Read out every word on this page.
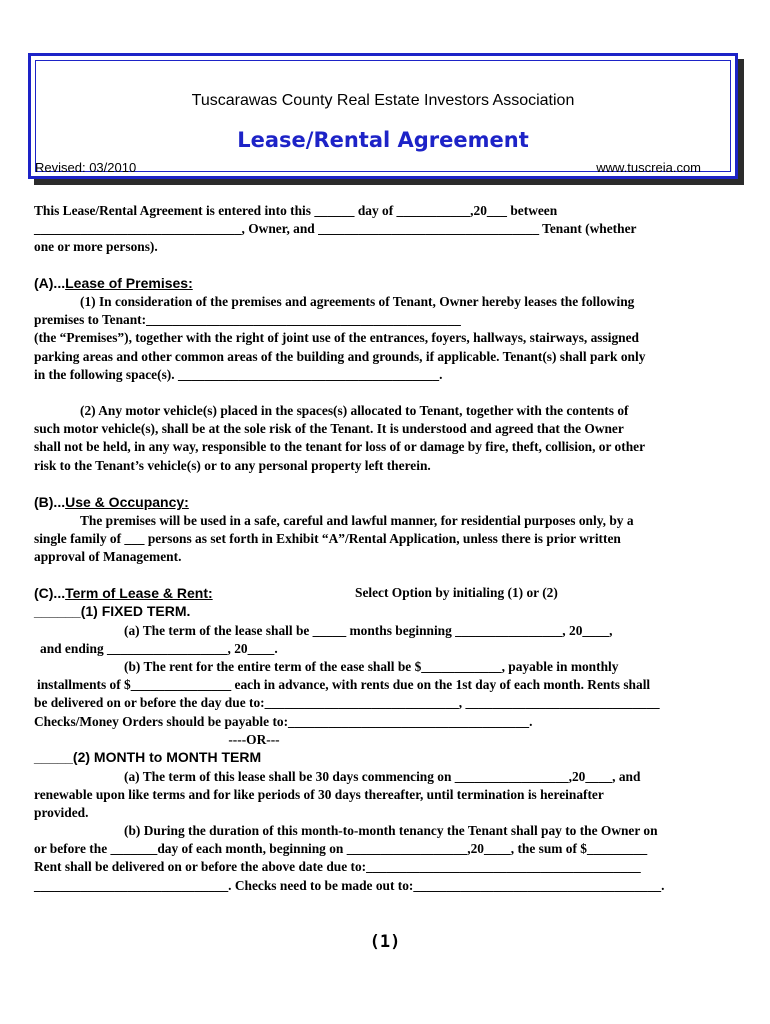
Tuscarawas County Real Estate Investors Association
Lease/Rental Agreement
Revised: 03/2010	www.tuscreia.com
This Lease/Rental Agreement is entered into this ______ day of ___________,20___ between
_______________________________, Owner, and _________________________________ Tenant (whether
one or more persons).
(A)...Lease of Premises:
(1) In consideration of the premises and agreements of Tenant, Owner hereby leases the following
premises to Tenant:_______________________________________________
(the “Premises”), together with the right of joint use of the entrances, foyers, hallways, stairways, assigned
parking areas and other common areas of the building and grounds, if applicable. Tenant(s) shall park only
in the following space(s). _______________________________________.
(2) Any motor vehicle(s) placed in the spaces(s) allocated to Tenant, together with the contents of
such motor vehicle(s), shall be at the sole risk of the Tenant. It is understood and agreed that the Owner
shall not be held, in any way, responsible to the tenant for loss of or damage by fire, theft, collision, or other
risk to the Tenant’s vehicle(s) or to any personal property left therein.
(B)...Use & Occupancy:
The premises will be used in a safe, careful and lawful manner, for residential purposes only, by a
single family of ___ persons as set forth in Exhibit “A”/Rental Application, unless there is prior written
approval of Management.
(C)...Term of Lease & Rent:	Select Option by initialing (1) or (2)
______(1) FIXED TERM.
(a) The term of the lease shall be _____ months beginning ________________, 20____,
and ending __________________, 20____.
(b) The rent for the entire term of the ease shall be $____________, payable in monthly
installments of $_______________ each in advance, with rents due on the 1st day of each month. Rents shall
be delivered on or before the day due to:_____________________________, _____________________________
Checks/Money Orders should be payable to:____________________________________.
----OR---
_____(2) MONTH to MONTH TERM
(a) The term of this lease shall be 30 days commencing on _________________,20____, and
renewable upon like terms and for like periods of 30 days thereafter, until termination is hereinafter
provided.
(b) During the duration of this month-to-month tenancy the Tenant shall pay to the Owner on
or before the _______day of each month, beginning on __________________,20____, the sum of $_________
Rent shall be delivered on or before the above date due to:_________________________________________
_____________________________. Checks need to be made out to:_____________________________________.
(1)
